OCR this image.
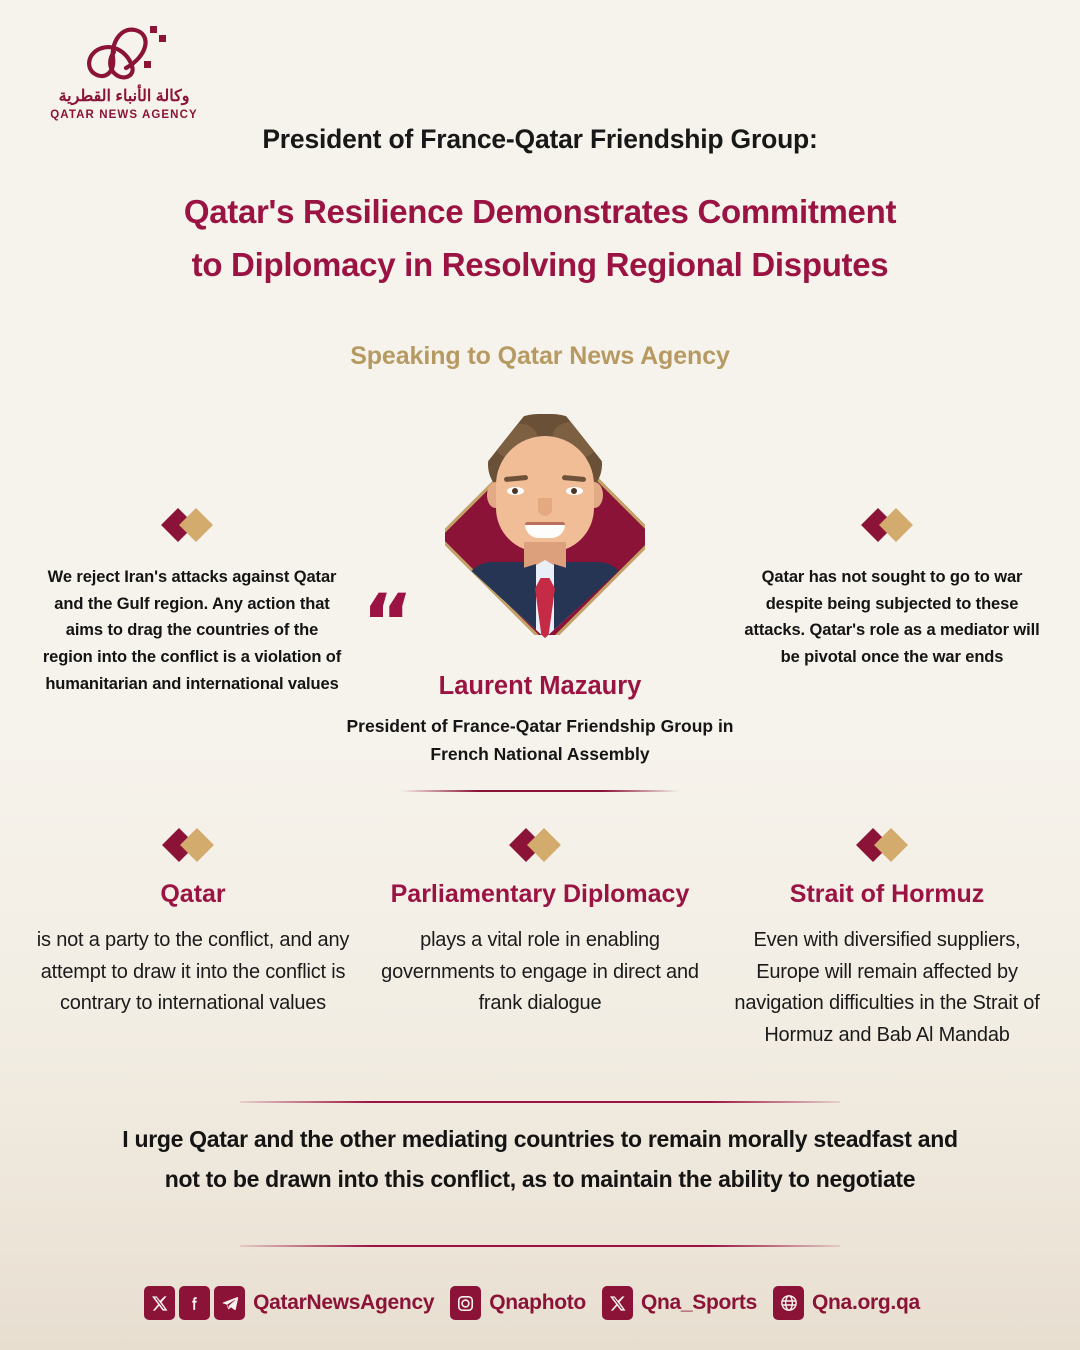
وكالة الأنباء القطرية
QATAR NEWS AGENCY
President of France-Qatar Friendship Group:
Qatar's Resilience Demonstrates Commitment
to Diplomacy in Resolving Regional Disputes
Speaking to Qatar News Agency
We reject Iran's attacks against Qatar and the Gulf region. Any action that aims to drag the countries of the region into the conflict is a violation of humanitarian and international values
Qatar has not sought to go to war despite being subjected to these attacks. Qatar's role as a mediator will be pivotal once the war ends
“
Laurent Mazaury
President of France-Qatar Friendship Group in French National Assembly
Qatar
is not a party to the conflict, and any attempt to draw it into the conflict is contrary to international values
Parliamentary Diplomacy
plays a vital role in enabling governments to engage in direct and frank dialogue
Strait of Hormuz
Even with diversified suppliers, Europe will remain affected by navigation difficulties in the Strait of Hormuz and Bab Al Mandab
I urge Qatar and the other mediating countries to remain morally steadfast and not to be drawn into this conflict, as to maintain the ability to negotiate
QatarNewsAgency	Qnaphoto	Qna_Sports	Qna.org.qa
